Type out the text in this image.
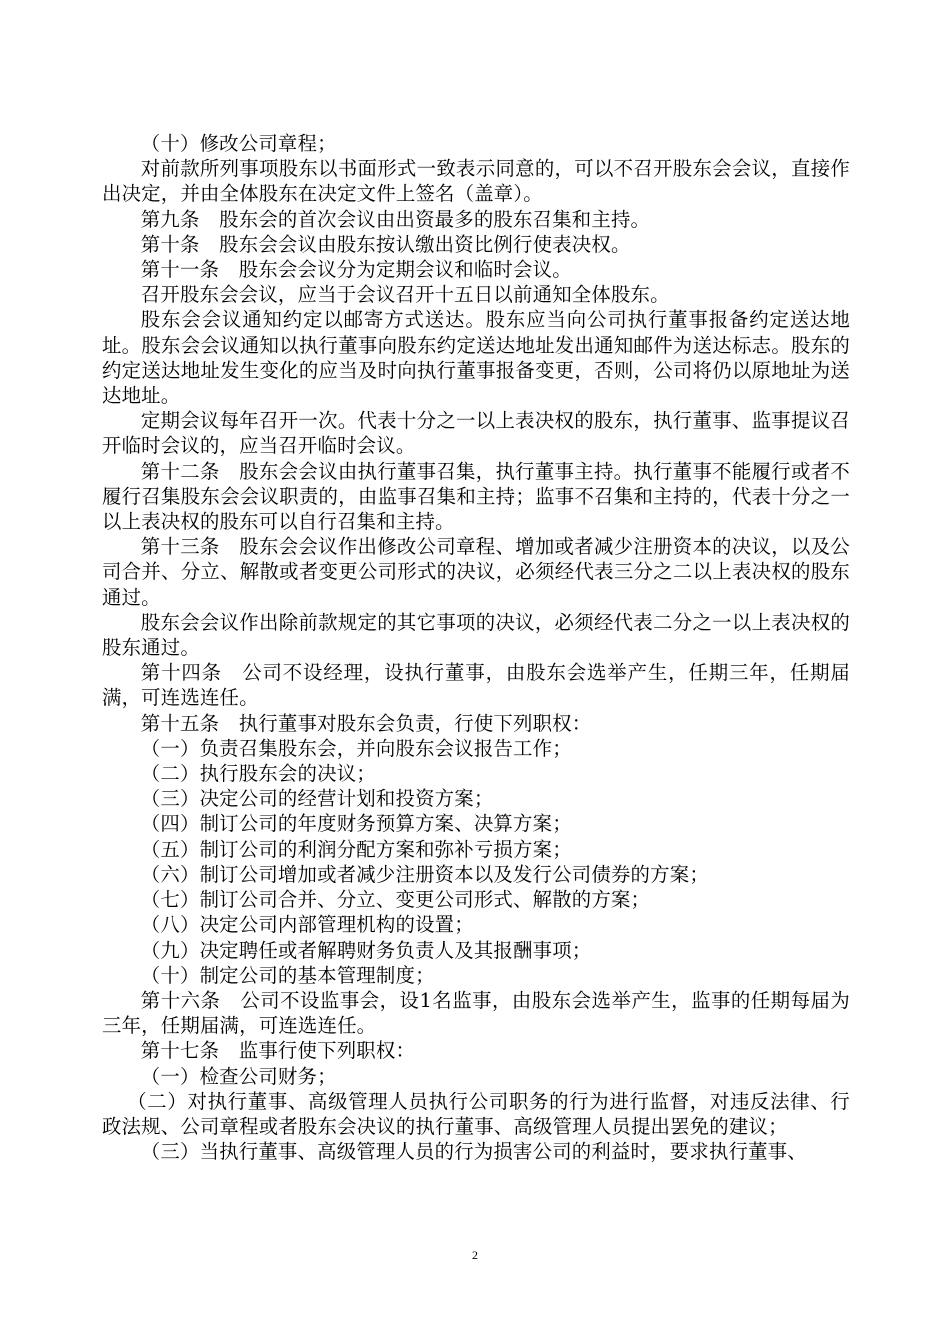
（十）修改公司章程；

对前款所列事项股东以书面形式一致表示同意的，可以不召开股东会会议，直接作出决定，并由全体股东在决定文件上签名（盖章）。

第九条　股东会的首次会议由出资最多的股东召集和主持。

第十条　股东会会议由股东按认缴出资比例行使表决权。

第十一条　股东会会议分为定期会议和临时会议。

召开股东会会议，应当于会议召开十五日以前通知全体股东。

股东会会议通知约定以邮寄方式送达。股东应当向公司执行董事报备约定送达地址。股东会会议通知以执行董事向股东约定送达地址发出通知邮件为送达标志。股东的约定送达地址发生变化的应当及时向执行董事报备变更，否则，公司将仍以原地址为送达地址。

定期会议每年召开一次。代表十分之一以上表决权的股东，执行董事、监事提议召开临时会议的，应当召开临时会议。

第十二条　股东会会议由执行董事召集，执行董事主持。执行董事不能履行或者不履行召集股东会会议职责的，由监事召集和主持；监事不召集和主持的，代表十分之一以上表决权的股东可以自行召集和主持。

第十三条　股东会会议作出修改公司章程、增加或者减少注册资本的决议，以及公司合并、分立、解散或者变更公司形式的决议，必须经代表三分之二以上表决权的股东通过。

股东会会议作出除前款规定的其它事项的决议，必须经代表二分之一以上表决权的股东通过。

第十四条　公司不设经理，设执行董事，由股东会选举产生，任期三年，任期届满，可连选连任。

第十五条　执行董事对股东会负责，行使下列职权：

（一）负责召集股东会，并向股东会议报告工作；

（二）执行股东会的决议；

（三）决定公司的经营计划和投资方案；

（四）制订公司的年度财务预算方案、决算方案；

（五）制订公司的利润分配方案和弥补亏损方案；

（六）制订公司增加或者减少注册资本以及发行公司债券的方案；

（七）制订公司合并、分立、变更公司形式、解散的方案；

（八）决定公司内部管理机构的设置；

（九）决定聘任或者解聘财务负责人及其报酬事项；

（十）制定公司的基本管理制度；

第十六条　公司不设监事会，设1名监事，由股东会选举产生，监事的任期每届为三年，任期届满，可连选连任。

第十七条　监事行使下列职权：

（一）检查公司财务；

（二）对执行董事、高级管理人员执行公司职务的行为进行监督，对违反法律、行政法规、公司章程或者股东会决议的执行董事、高级管理人员提出罢免的建议；

（三）当执行董事、高级管理人员的行为损害公司的利益时，要求执行董事、

2
